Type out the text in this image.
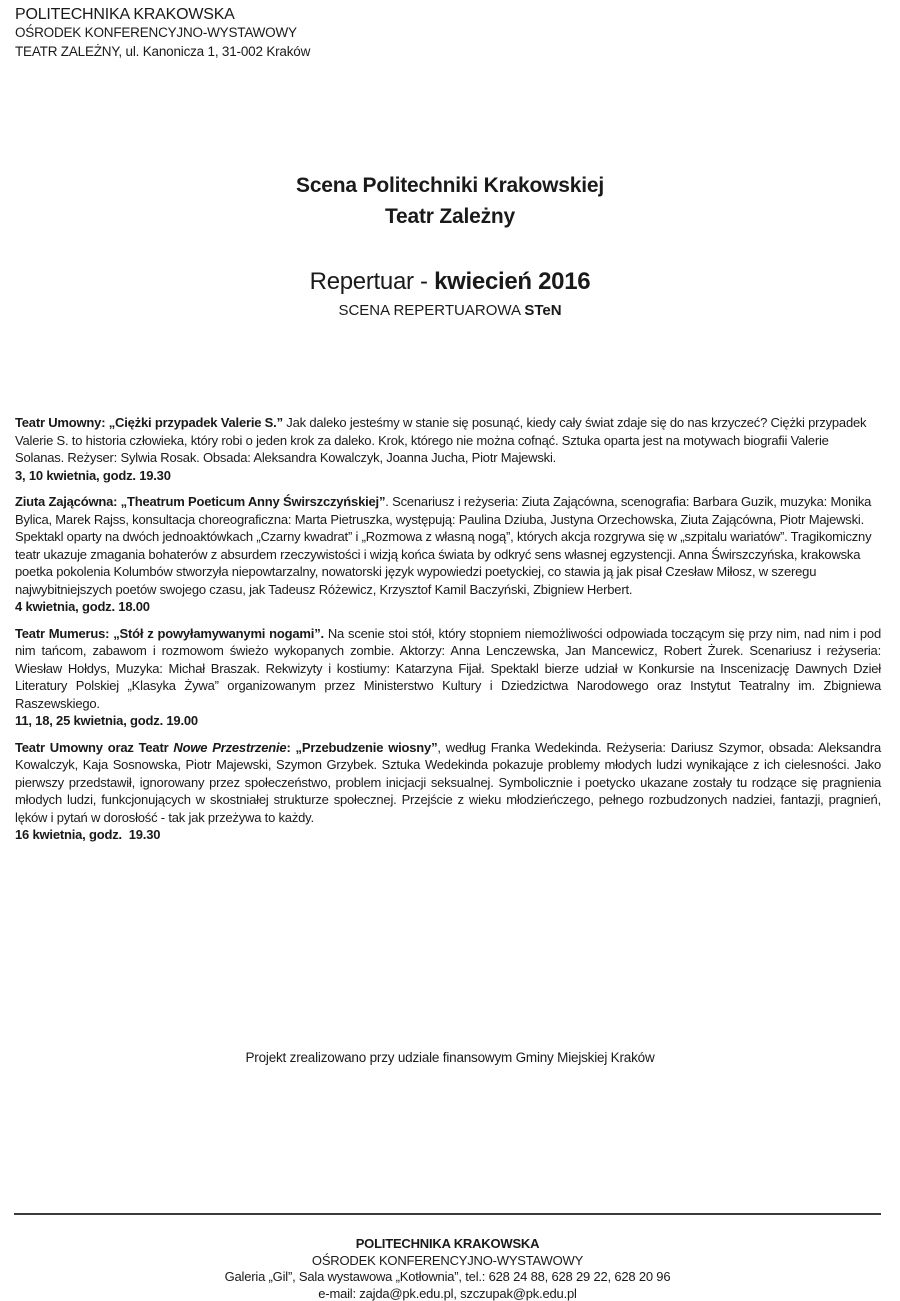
POLITECHNIKA KRAKOWSKA
OŚRODEK KONFERENCYJNO-WYSTAWOWY
TEATR ZALEŻNY, ul. Kanonicza 1, 31-002 Kraków
Scena Politechniki Krakowskiej
Teatr Zależny
Repertuar - kwiecień 2016
SCENA REPERTUAROWA STeN
Teatr Umowny: „Ciężki przypadek Valerie S.” Jak daleko jesteśmy w stanie się posunąć, kiedy cały świat zdaje się do nas krzyczeć? Ciężki przypadek Valerie S. to historia człowieka, który robi o jeden krok za daleko. Krok, którego nie można cofnąć. Sztuka oparta jest na motywach biografii Valerie Solanas. Reżyser: Sylwia Rosak. Obsada: Aleksandra Kowalczyk, Joanna Jucha, Piotr Majewski.
3, 10 kwietnia, godz. 19.30
Ziuta Zającówna: „Theatrum Poeticum Anny Świrszczyńskiej”. Scenariusz i reżyseria: Ziuta Zającówna, scenografia: Barbara Guzik, muzyka: Monika Bylica, Marek Rajss, konsultacja choreograficzna: Marta Pietruszka, występują: Paulina Dziuba, Justyna Orzechowska, Ziuta Zającówna, Piotr Majewski. Spektakl oparty na dwóch jednoaktówkach „Czarny kwadrat” i „Rozmowa z własną nogą”, których akcja rozgrywa się w „szpitalu wariatów”. Tragikomiczny teatr ukazuje zmagania bohaterów z absurdem rzeczywistości i wizją końca świata by odkryć sens własnej egzystencji. Anna Świrszczyńska, krakowska poetka pokolenia Kolumbów stworzyła niepowtarzalny, nowatorski język wypowiedzi poetyckiej, co stawia ją jak pisał Czesław Miłosz, w szeregu najwybitniejszych poetów swojego czasu, jak Tadeusz Różewicz, Krzysztof Kamil Baczyński, Zbigniew Herbert.
4 kwietnia, godz. 18.00
Teatr Mumerus: „Stół z powyłamywanymi nogami”. Na scenie stoi stół, który stopniem niemożliwości odpowiada toczącym się przy nim, nad nim i pod nim tańcom, zabawom i rozmowom świeżo wykopanych zombie. Aktorzy: Anna Lenczewska, Jan Mancewicz, Robert Żurek. Scenariusz i reżyseria: Wiesław Hołdys, Muzyka: Michał Braszak. Rekwizyty i kostiumy: Katarzyna Fijał. Spektakl bierze udział w Konkursie na Inscenizację Dawnych Dzieł Literatury Polskiej „Klasyka Żywa” organizowanym przez Ministerstwo Kultury i Dziedzictwa Narodowego oraz Instytut Teatralny im. Zbigniewa Raszewskiego.
11, 18, 25 kwietnia, godz. 19.00
Teatr Umowny oraz Teatr Nowe Przestrzenie: „Przebudzenie wiosny”, według Franka Wedekinda. Reżyseria: Dariusz Szymor, obsada: Aleksandra Kowalczyk, Kaja Sosnowska, Piotr Majewski, Szymon Grzybek. Sztuka Wedekinda pokazuje problemy młodych ludzi wynikające z ich cielesności. Jako pierwszy przedstawił, ignorowany przez społeczeństwo, problem inicjacji seksualnej. Symbolicznie i poetycko ukazane zostały tu rodzące się pragnienia młodych ludzi, funkcjonujących w skostniałej strukturze społecznej. Przejście z wieku młodzieńczego, pełnego rozbudzonych nadziei, fantazji, pragnień, lęków i pytań w dorosłość - tak jak przeżywa to każdy.
16 kwietnia, godz.  19.30
Projekt zrealizowano przy udziale finansowym Gminy Miejskiej Kraków
POLITECHNIKA KRAKOWSKA
OŚRODEK KONFERENCYJNO-WYSTAWOWY
Galeria „Gil”, Sala wystawowa „Kotłownia”, tel.: 628 24 88, 628 29 22, 628 20 96
e-mail: zajda@pk.edu.pl, szczupak@pk.edu.pl
